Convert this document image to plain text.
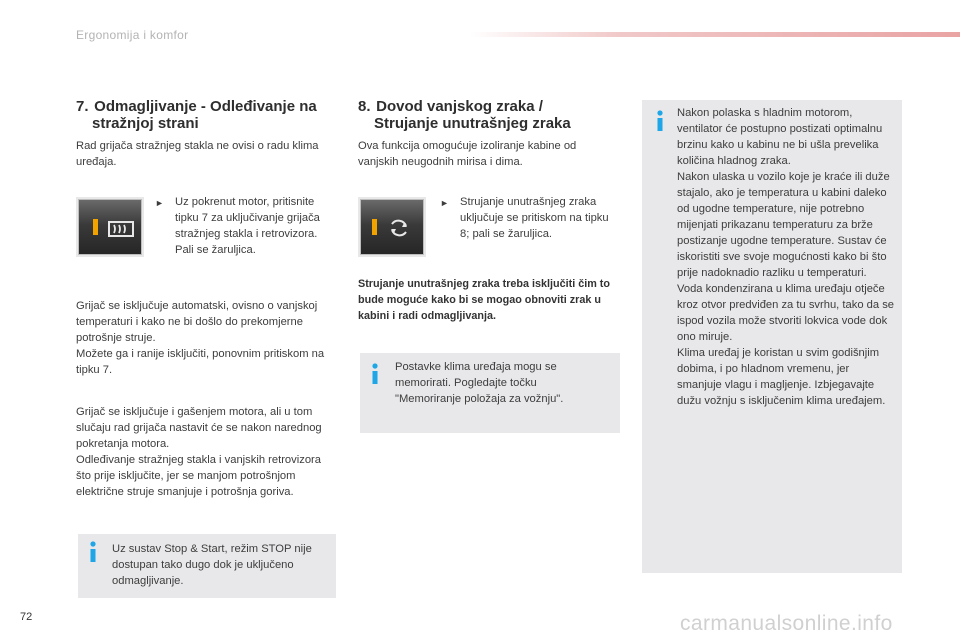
Ergonomija i komfor
7. Odmagljivanje - Odleđivanje na
stražnjoj strani

Rad grijača stražnjeg stakla ne ovisi o radu klima uređaja.

► Uz pokrenut motor, pritisnite tipku 7 za uključivanje grijača stražnjeg stakla i retrovizora. Pali se žaruljica.

Grijač se isključuje automatski, ovisno o vanjskoj temperaturi i kako ne bi došlo do prekomjerne potrošnje struje.

Možete ga i ranije isključiti, ponovnim pritiskom na tipku 7.

Grijač se isključuje i gašenjem motora, ali u tom slučaju rad grijača nastavit će se nakon narednog pokretanja motora.

Odleđivanje stražnjeg stakla i vanjskih retrovizora što prije isključite, jer se manjom potrošnjom električne struje smanjuje i potrošnja goriva.

Uz sustav Stop & Start, režim STOP nije dostupan tako dugo dok je uključeno odmagljivanje.

8. Dovod vanjskog zraka /
Strujanje unutrašnjeg zraka

Ova funkcija omogućuje izoliranje kabine od vanjskih neugodnih mirisa i dima.

► Strujanje unutrašnjeg zraka uključuje se pritiskom na tipku 8; pali se žaruljica.

Strujanje unutrašnjeg zraka treba isključiti čim to bude moguće kako bi se mogao obnoviti zrak u kabini i radi odmagljivanja.

Postavke klima uređaja mogu se memorirati. Pogledajte točku "Memoriranje položaja za vožnju".

Nakon polaska s hladnim motorom, ventilator će postupno postizati optimalnu brzinu kako u kabinu ne bi ušla prevelika količina hladnog zraka.

Nakon ulaska u vozilo koje je kraće ili duže stajalo, ako je temperatura u kabini daleko od ugodne temperature, nije potrebno mijenjati prikazanu temperaturu za brže postizanje ugodne temperature. Sustav će iskoristiti sve svoje mogućnosti kako bi što prije nadoknadio razliku u temperaturi.

Voda kondenzirana u klima uređaju otječe kroz otvor predviđen za tu svrhu, tako da se ispod vozila može stvoriti lokvica vode dok ono miruje.

Klima uređaj je koristan u svim godišnjim dobima, i po hladnom vremenu, jer smanjuje vlagu i magljenje. Izbjegavajte dužu vožnju s isključenim klima uređajem.

72	carmanualsonline.info
